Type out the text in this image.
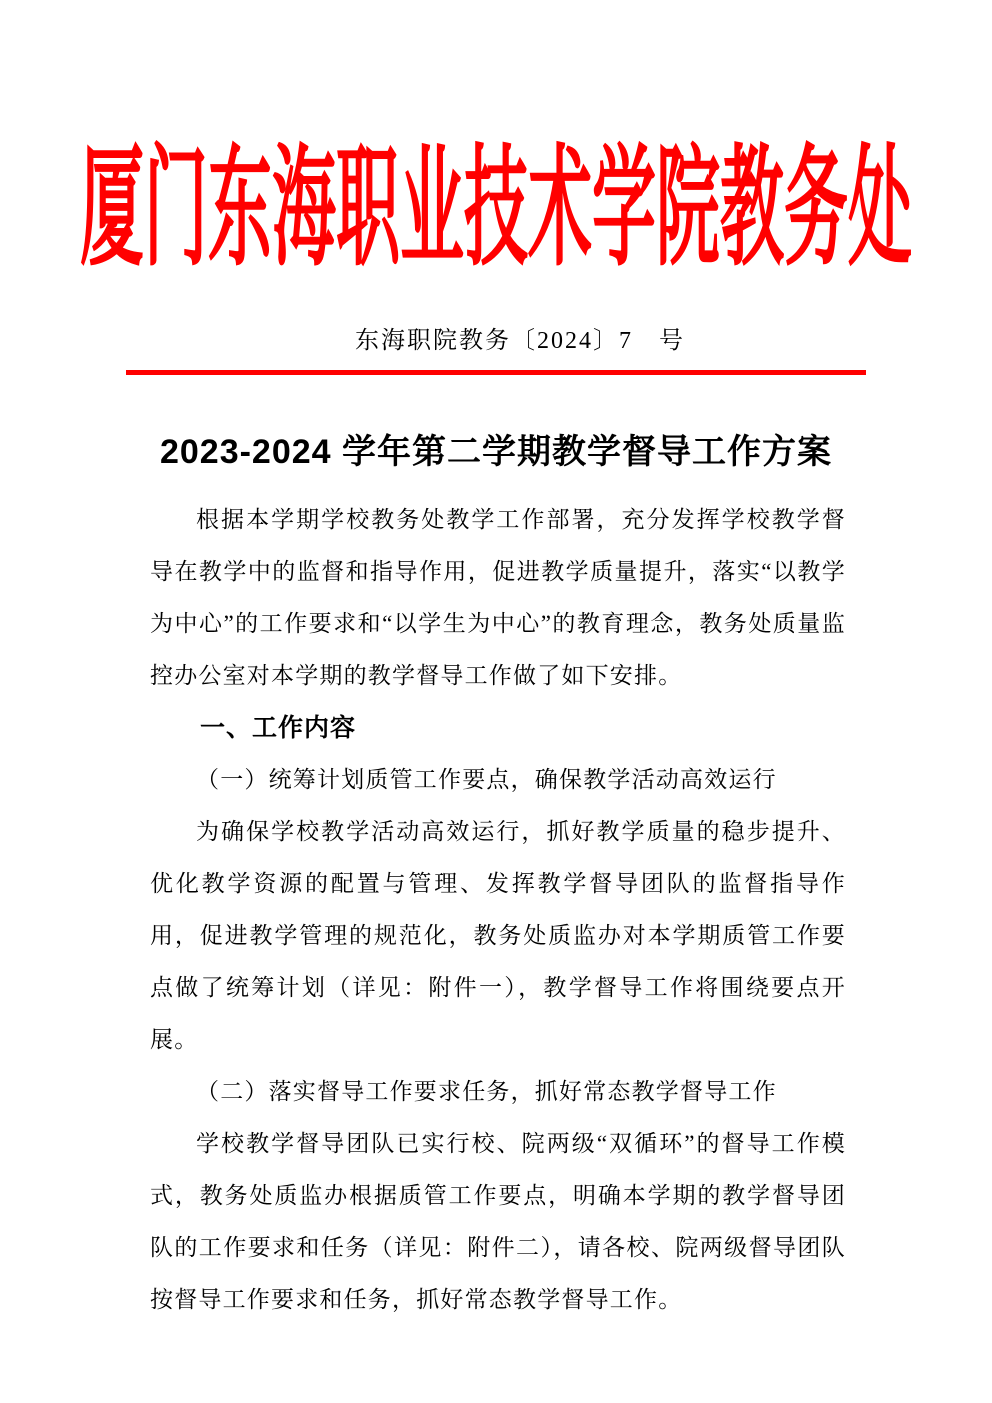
厦门东海职业技术学院教务处
东海职院教务〔2024〕7　号
2023-2024 学年第二学期教学督导工作方案

根据本学期学校教务处教学工作部署，充分发挥学校教学督导在教学中的监督和指导作用，促进教学质量提升，落实“以教学为中心”的工作要求和“以学生为中心”的教育理念，教务处质量监控办公室对本学期的教学督导工作做了如下安排。

一、工作内容

（一）统筹计划质管工作要点，确保教学活动高效运行

为确保学校教学活动高效运行，抓好教学质量的稳步提升、优化教学资源的配置与管理、发挥教学督导团队的监督指导作用，促进教学管理的规范化，教务处质监办对本学期质管工作要点做了统筹计划（详见：附件一），教学督导工作将围绕要点开展。

（二）落实督导工作要求任务，抓好常态教学督导工作

学校教学督导团队已实行校、院两级“双循环”的督导工作模式，教务处质监办根据质管工作要点，明确本学期的教学督导团队的工作要求和任务（详见：附件二），请各校、院两级督导团队按督导工作要求和任务，抓好常态教学督导工作。
